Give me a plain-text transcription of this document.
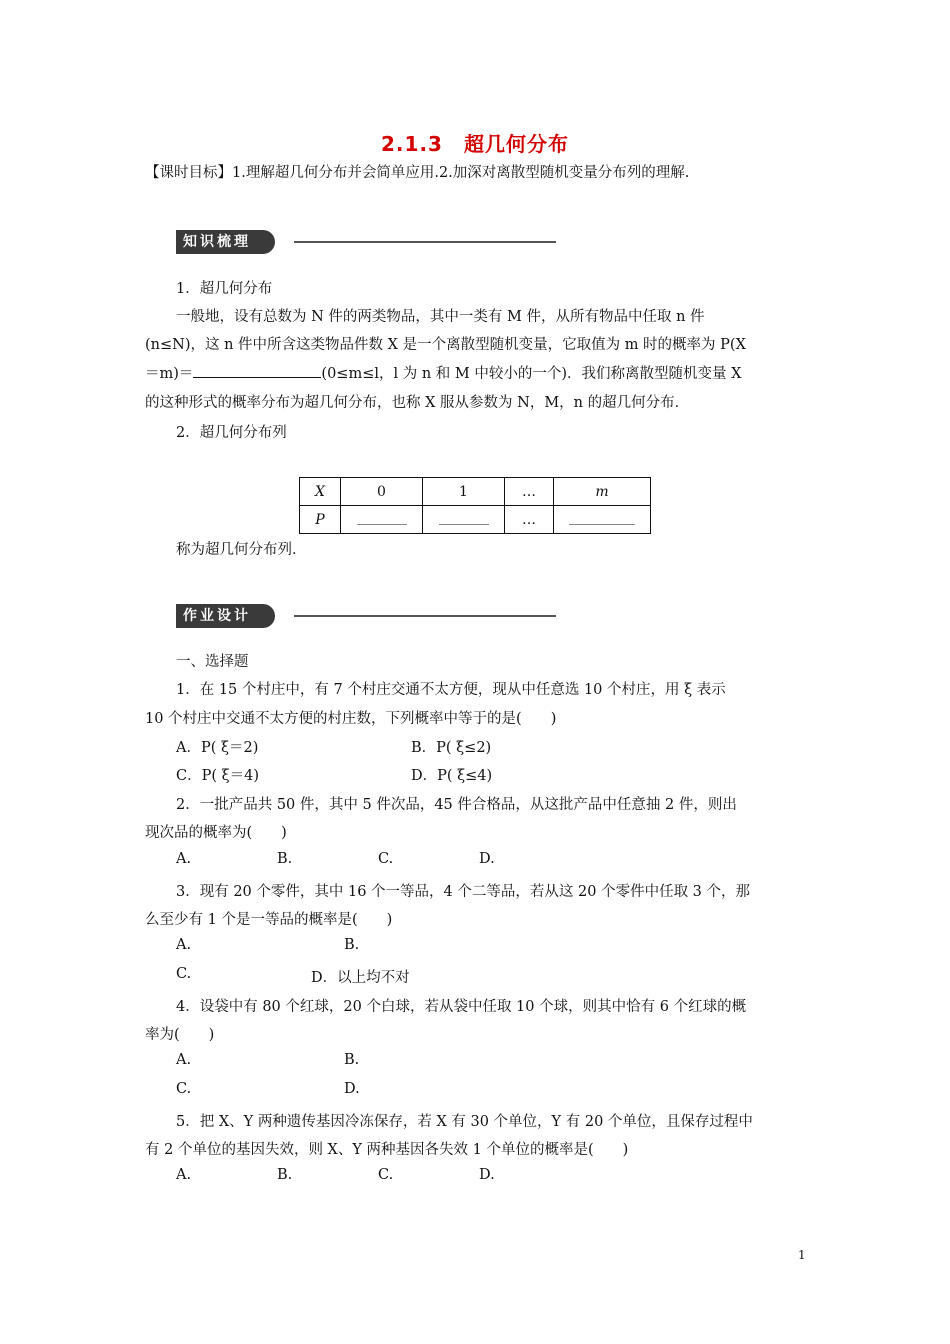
2.1.3　超几何分布
【课时目标】1.理解超几何分布并会简单应用.2.加深对离散型随机变量分布列的理解.
知识梳理
1．超几何分布
一般地，设有总数为 N 件的两类物品，其中一类有 M 件，从所有物品中任取 n 件
(n≤N)，这 n 件中所含这类物品件数 X 是一个离散型随机变量，它取值为 m 时的概率为 P(X
＝m)＝	(0≤m≤l，l 为 n 和 M 中较小的一个)．我们称离散型随机变量 X
的这种形式的概率分布为超几何分布，也称 X 服从参数为 N，M，n 的超几何分布．
2．超几何分布列
X	0	1	…	m
P			…	
称为超几何分布列．
作业设计
一、选择题
1．在 15 个村庄中，有 7 个村庄交通不太方便，现从中任意选 10 个村庄，用 ξ 表示
10 个村庄中交通不太方便的村庄数，下列概率中等于的是(　　)
A．P( ξ＝2)	B．P( ξ≤2)
C．P( ξ＝4)	D．P( ξ≤4)
2．一批产品共 50 件，其中 5 件次品，45 件合格品，从这批产品中任意抽 2 件，则出
现次品的概率为(　　)
A.	B.	C.	D.
3．现有 20 个零件，其中 16 个一等品，4 个二等品，若从这 20 个零件中任取 3 个，那
么至少有 1 个是一等品的概率是(　　)
A.	B.
C.	D．以上均不对
4．设袋中有 80 个红球，20 个白球，若从袋中任取 10 个球，则其中恰有 6 个红球的概
率为(　　)
A.	B.
C.	D.
5．把 X、Y 两种遗传基因冷冻保存，若 X 有 30 个单位，Y 有 20 个单位，且保存过程中
有 2 个单位的基因失效，则 X、Y 两种基因各失效 1 个单位的概率是(　　)
A.	B.	C.	D.
1
